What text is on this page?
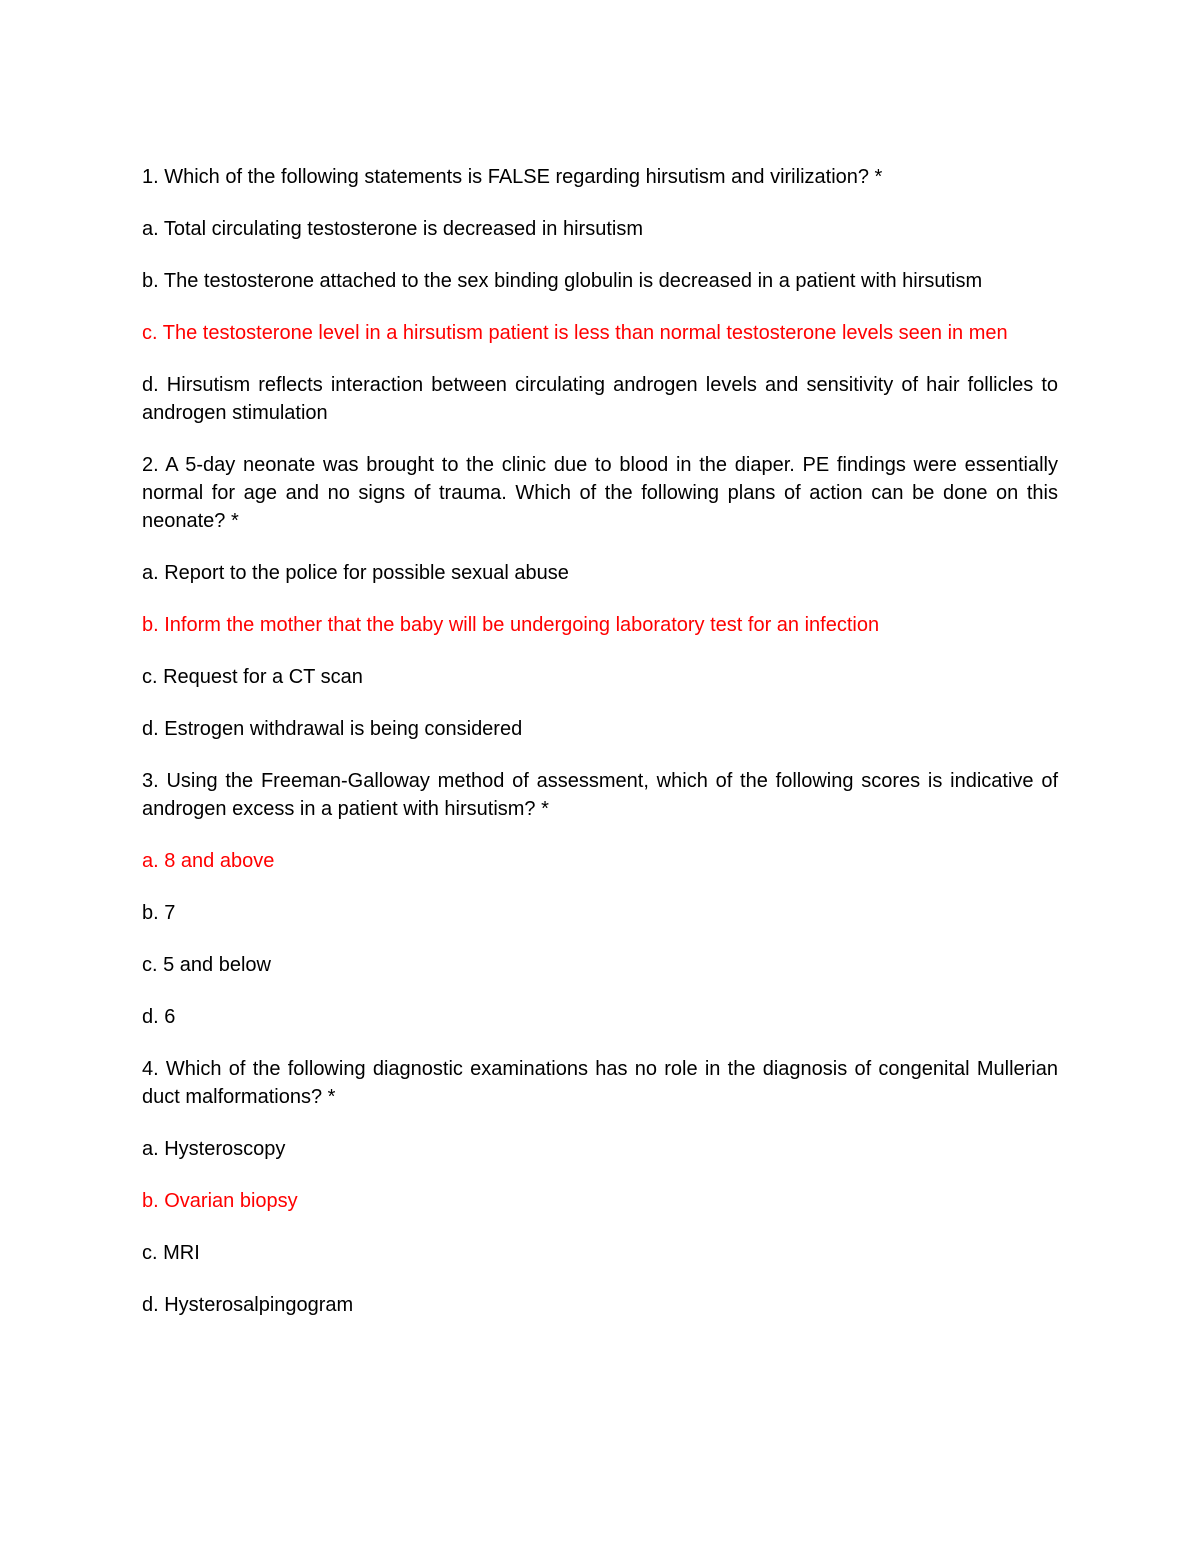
1. Which of the following statements is FALSE regarding hirsutism and virilization? *

a. Total circulating testosterone is decreased in hirsutism

b. The testosterone attached to the sex binding globulin is decreased in a patient with hirsutism

c. The testosterone level in a hirsutism patient is less than normal testosterone levels seen in men

d. Hirsutism reflects interaction between circulating androgen levels and sensitivity of hair follicles to androgen stimulation

2. A 5-day neonate was brought to the clinic due to blood in the diaper. PE findings were essentially normal for age and no signs of trauma. Which of the following plans of action can be done on this neonate? *

a. Report to the police for possible sexual abuse

b. Inform the mother that the baby will be undergoing laboratory test for an infection

c. Request for a CT scan

d. Estrogen withdrawal is being considered

3. Using the Freeman-Galloway method of assessment, which of the following scores is indicative of androgen excess in a patient with hirsutism? *

a. 8 and above

b. 7

c. 5 and below

d. 6

4. Which of the following diagnostic examinations has no role in the diagnosis of congenital Mullerian duct malformations? *

a. Hysteroscopy

b. Ovarian biopsy

c. MRI

d. Hysterosalpingogram
